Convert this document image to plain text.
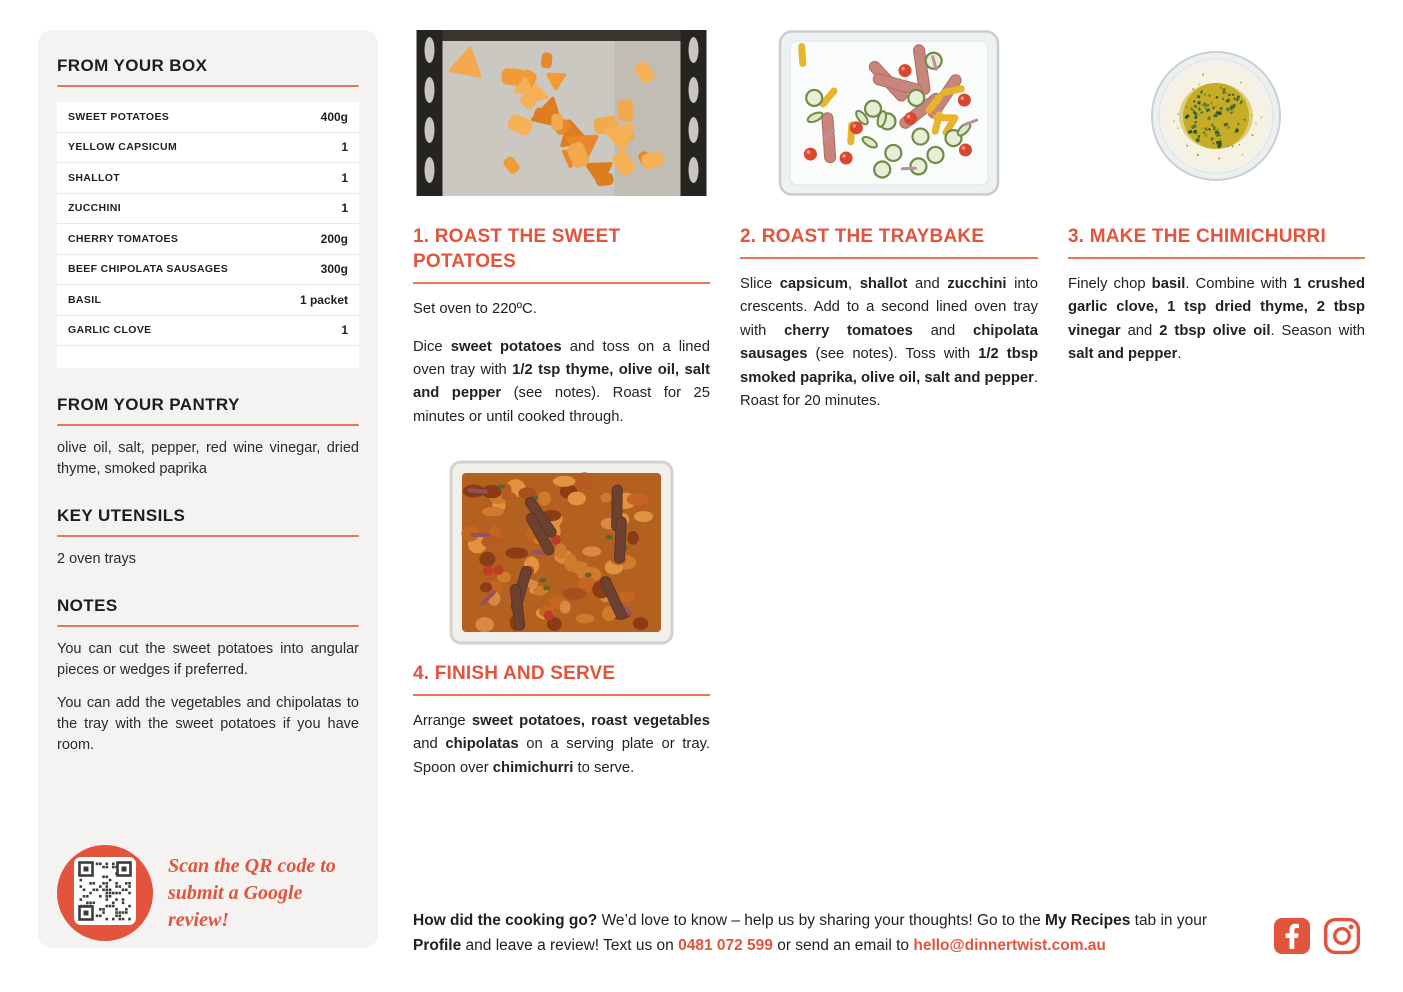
FROM YOUR BOX
SWEET POTATOES	400g
YELLOW CAPSICUM	1
SHALLOT	1
ZUCCHINI	1
CHERRY TOMATOES	200g
BEEF CHIPOLATA SAUSAGES	300g
BASIL	1 packet
GARLIC CLOVE	1
FROM YOUR PANTRY

olive oil, salt, pepper, red wine vinegar, dried thyme, smoked paprika

KEY UTENSILS

2 oven trays

NOTES

You can cut the sweet potatoes into angular pieces or wedges if preferred.

You can add the vegetables and chipolatas to the tray with the sweet potatoes if you have room.

Scan the QR code to submit a Google review!
1. ROAST THE SWEET POTATOES

Set oven to 220ºC.

Dice sweet potatoes and toss on a lined oven tray with 1/2 tsp thyme, olive oil, salt and pepper (see notes). Roast for 25 minutes or until cooked through.

4. FINISH AND SERVE

Arrange sweet potatoes, roast vegetables and chipolatas on a serving plate or tray. Spoon over chimichurri to serve.

2. ROAST THE TRAYBAKE

Slice capsicum, shallot and zucchini into crescents. Add to a second lined oven tray with cherry tomatoes and chipolata sausages (see notes). Toss with 1/2 tbsp smoked paprika, olive oil, salt and pepper. Roast for 20 minutes.

3. MAKE THE CHIMICHURRI

Finely chop basil. Combine with 1 crushed garlic clove, 1 tsp dried thyme, 2 tbsp vinegar and 2 tbsp olive oil. Season with salt and pepper.

How did the cooking go? We’d love to know – help us by sharing your thoughts! Go to the My Recipes tab in your Profile and leave a review! Text us on 0481 072 599 or send an email to hello@dinnertwist.com.au
